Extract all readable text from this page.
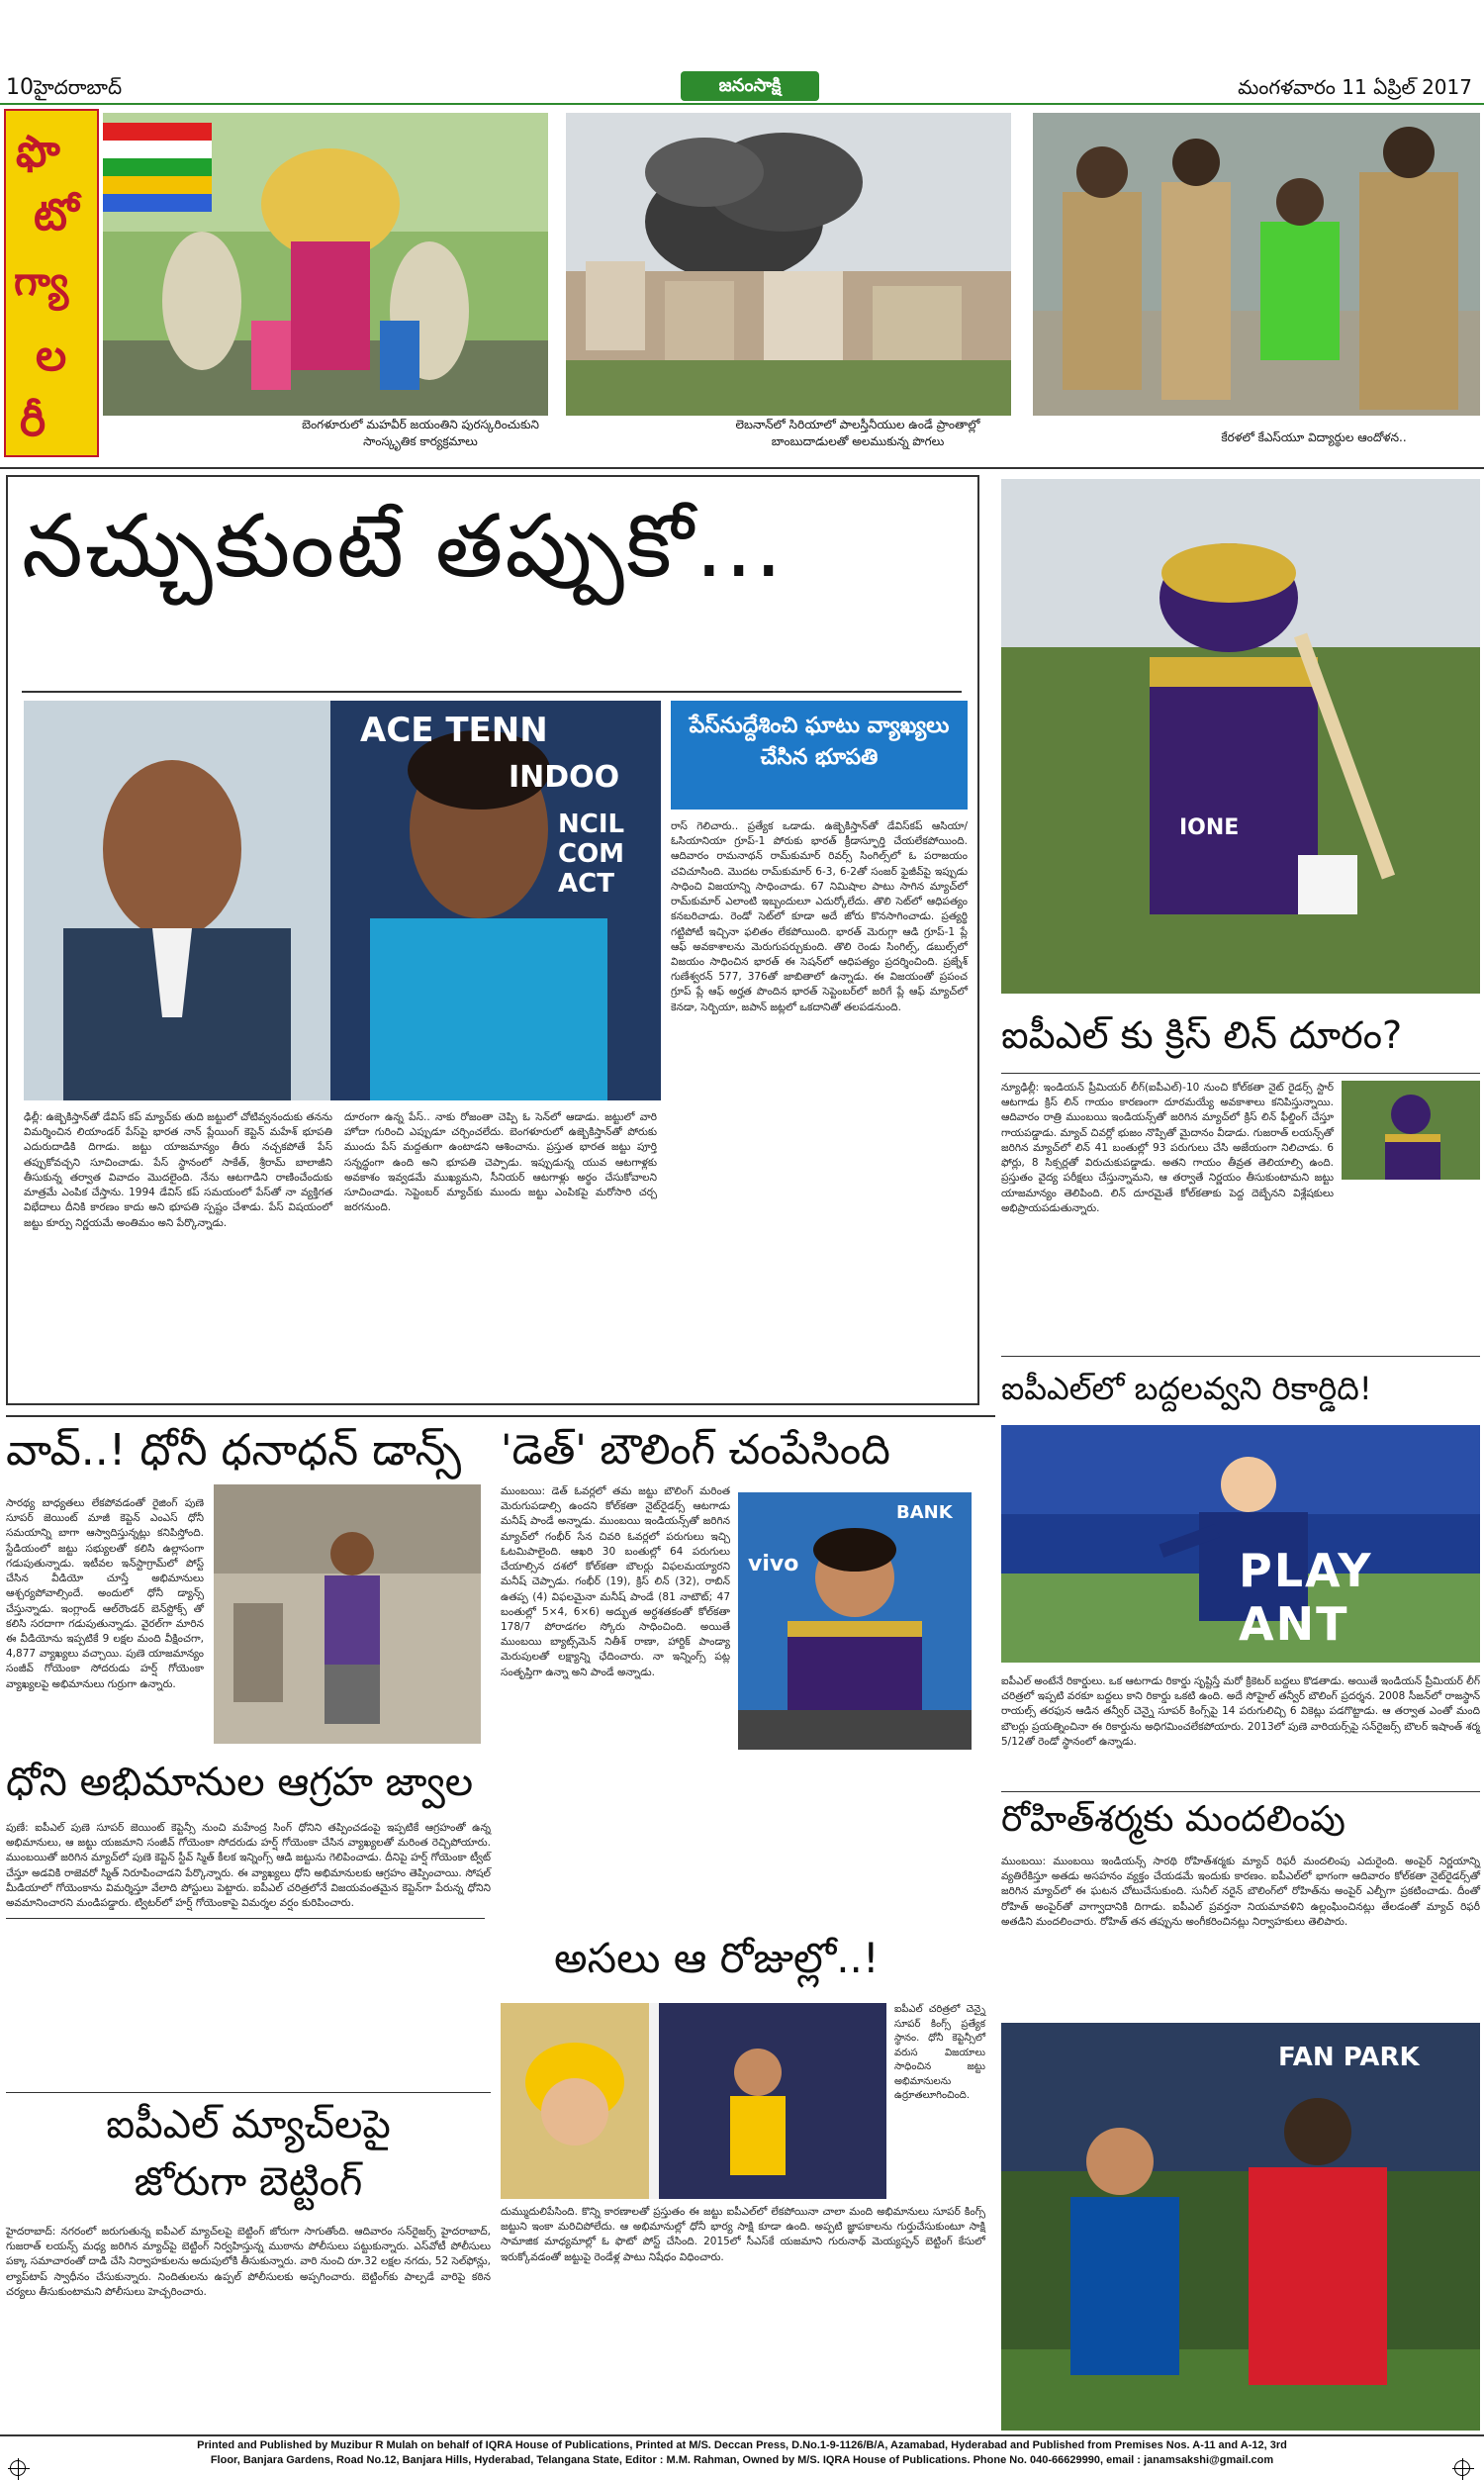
10 హైదరాబాద్	జనంసాక్షి	మంగళవారం 11 ఏప్రిల్ 2017
ఫొ
టో
గ్యా
ల
రీ	బెంగళూరులో మహవీర్ జయంతిని పురస్కరించుకుని సాంస్కృతిక కార్యక్రమాలు
లెబనాన్‌లో సిరియాలో పాలస్తీనీయుల ఉండే ప్రాంతాల్లో బాంబుదాడులతో అలముకున్న పొగలు	కేరళలో కేఎస్‌యూ విద్యార్థుల ఆందోళన..
నచ్చుకుంటే తప్పుకో...
ACE TENN
INDOO
NCIL COM
ACT
పేస్‌నుద్దేశించి ఘాటు వ్యాఖ్యలు చేసిన భూపతి
రాస్ గెలిచారు.. ప్రత్యేక ఒడాడు. ఉజ్బెకిస్తాన్‌తో డేవిస్‌కప్ ఆసియా/ఓసియానియా గ్రూప్-1 పోరుకు భారత్ క్రీడాస్ఫూర్తి చేయలేకపోయింది. ఆదివారం రామనాథన్ రామ్‌కుమార్ రివర్స్ సింగిల్స్‌లో ఓ పరాజయం చవిచూసింది. మొదట రామ్‌కుమార్ 6-3, 6-2తో సంజర్ ఫైజీవ్‌పై ఇప్పుడు సాధించి విజయాన్ని సాధించాడు. 67 నిమిషాల పాటు సాగిన మ్యాచ్‌లో రామ్‌కుమార్ ఎలాంటి ఇబ్బందులూ ఎదుర్కోలేదు. తొలి సెట్‌లో ఆధిపత్యం కనబరిచాడు. రెండో సెట్‌లో కూడా అదే జోరు కొనసాగించాడు. ప్రత్యర్థి గట్టిపోటీ ఇచ్చినా ఫలితం లేకపోయింది. భారత్ మెరుగ్గా ఆడి గ్రూప్-1 ప్లే ఆఫ్ అవకాశాలను మెరుగుపర్చుకుంది. తొలి రెండు సింగిల్స్, డబుల్స్‌లో విజయం సాధించిన భారత్ ఈ సెషన్‌లో ఆధిపత్యం ప్రదర్శించింది. ప్రజ్నేశ్ గుణేశ్వరన్ 577, 376తో జాబితాలో ఉన్నాడు. ఈ విజయంతో ప్రపంచ గ్రూప్ ప్లే ఆఫ్ అర్హత పొందిన భారత్ సెప్టెంబర్‌లో జరిగే ప్లే ఆఫ్ మ్యాచ్‌లో కెనడా, సెర్బియా, జపాన్ జట్లలో ఒకదానితో తలపడనుంది.
ఢిల్లీ: ఉజ్బెకిస్తాన్‌తో డేవిస్ కప్ మ్యాచ్‌కు తుది జట్టులో చోటివ్వనందుకు తనను విమర్శించిన లియాండర్ పేస్‌పై భారత నాన్ ప్లేయింగ్ కెప్టెన్ మహేశ్ భూపతి ఎదురుదాడికి దిగాడు. జట్టు యాజమాన్యం తీరు నచ్చకపోతే పేస్ తప్పుకోవచ్చని సూచించాడు. పేస్ స్థానంలో సాకేత్, శ్రీరామ్ బాలాజీని తీసుకున్న తర్వాత వివాదం మొదలైంది. నేను ఆటగాడిని రాణించేందుకు మాత్రమే ఎంపిక చేస్తాను. 1994 డేవిస్ కప్ సమయంలో పేస్‌తో నా వ్యక్తిగత విభేదాలు దీనికి కారణం కాదు అని భూపతి స్పష్టం చేశాడు. పేస్ విషయంలో జట్టు కూర్పు నిర్ణయమే అంతిమం అని పేర్కొన్నాడు.
దూరంగా ఉన్న పేస్.. నాకు రోజంతా చెప్పి ఓ సెన్‌లో ఆడాడు. జట్టులో వారి హోదా గురించి ఎప్పుడూ చర్చించలేదు. బెంగళూరులో ఉజ్బెకిస్తాన్‌తో పోరుకు ముందు పేస్ మద్దతుగా ఉంటాడని ఆశించాను. ప్రస్తుత భారత జట్టు పూర్తి సన్నద్ధంగా ఉంది అని భూపతి చెప్పాడు. ఇప్పుడున్న యువ ఆటగాళ్లకు అవకాశం ఇవ్వడమే ముఖ్యమని, సీనియర్ ఆటగాళ్లు అర్థం చేసుకోవాలని సూచించాడు. సెప్టెంబర్ మ్యాచ్‌కు ముందు జట్టు ఎంపికపై మరోసారి చర్చ జరగనుంది.
IONE
ఐపీఎల్ కు క్రిస్ లిన్ దూరం?
న్యూఢిల్లీ: ఇండియన్ ప్రీమియర్ లీగ్(ఐపీఎల్)-10 నుంచి కోల్‌కతా నైట్ రైడర్స్ స్టార్ ఆటగాడు క్రిస్ లిన్ గాయం కారణంగా దూరమయ్యే అవకాశాలు కనిపిస్తున్నాయి. ఆదివారం రాత్రి ముంబయి ఇండియన్స్‌తో జరిగిన మ్యాచ్‌లో క్రిస్ లిన్ ఫీల్డింగ్ చేస్తూ గాయపడ్డాడు. మ్యాచ్ చివర్లో భుజం నొప్పితో మైదానం వీడాడు. గుజరాత్ లయన్స్‌తో జరిగిన మ్యాచ్‌లో లిన్ 41 బంతుల్లో 93 పరుగులు చేసి అజేయంగా నిలిచాడు. 6 ఫోర్లు, 8 సిక్సర్లతో విరుచుకుపడ్డాడు. అతని గాయం తీవ్రత తెలియాల్సి ఉంది. ప్రస్తుతం వైద్య పరీక్షలు చేస్తున్నామని, ఆ తర్వాతే నిర్ణయం తీసుకుంటామని జట్టు యాజమాన్యం తెలిపింది. లిన్ దూరమైతే కోల్‌కతాకు పెద్ద దెబ్బేనని విశ్లేషకులు అభిప్రాయపడుతున్నారు.
ఐపీఎల్‌లో బద్దలవ్వని రికార్డిది!
PLAY ANT
ఐపీఎల్ అంటేనే రికార్డులు. ఒక ఆటగాడు రికార్డు సృష్టిస్తే మరో క్రికెటర్ బద్దలు కొడతాడు. అయితే ఇండియన్ ప్రీమియర్ లీగ్ చరిత్రలో ఇప్పటి వరకూ బద్దలు కాని రికార్డు ఒకటి ఉంది. అదే సోహైల్ తన్వీర్ బౌలింగ్ ప్రదర్శన. 2008 సీజన్‌లో రాజస్థాన్ రాయల్స్ తరఫున ఆడిన తన్వీర్ చెన్నై సూపర్ కింగ్స్‌పై 14 పరుగులిచ్చి 6 వికెట్లు పడగొట్టాడు. ఆ తర్వాత ఎంతో మంది బౌలర్లు ప్రయత్నించినా ఈ రికార్డును అధిగమించలేకపోయారు. 2013లో పుణె వారియర్స్‌పై సన్‌రైజర్స్ బౌలర్ ఇషాంత్ శర్మ 5/12తో రెండో స్థానంలో ఉన్నాడు.
వావ్..! ధోనీ ధనాధన్ డాన్స్
సారథ్య బాధ్యతలు లేకపోవడంతో రైజింగ్ పుణె సూపర్ జెయింట్ మాజీ కెప్టెన్ ఎంఎస్ ధోనీ సమయాన్ని బాగా ఆస్వాదిస్తున్నట్లు కనిపిస్తోంది. స్టేడియంలో జట్టు సభ్యులతో కలిసి ఉల్లాసంగా గడుపుతున్నాడు. ఇటీవల ఇన్‌స్టాగ్రామ్‌లో పోస్ట్ చేసిన వీడియో చూస్తే అభిమానులు ఆశ్చర్యపోవాల్సిందే. అందులో ధోనీ డ్యాన్స్ చేస్తున్నాడు. ఇంగ్లాండ్ ఆల్‌రౌండర్ బెన్‌స్టోక్స్ తో కలిసి సరదాగా గడుపుతున్నాడు. వైరల్‌గా మారిన ఈ వీడియోను ఇప్పటికే 9 లక్షల మంది వీక్షించగా, 4,877 వ్యాఖ్యలు వచ్చాయి. పుణె యాజమాన్యం సంజీవ్ గోయెంకా సోదరుడు హర్ష్ గోయెంకా వ్యాఖ్యలపై అభిమానులు గుర్రుగా ఉన్నారు.
'డెత్' బౌలింగ్ చంపేసింది
ముంబయి: డెత్ ఓవర్లలో తమ జట్టు బౌలింగ్ మరింత మెరుగుపడాల్సి ఉందని కోల్‌కతా నైట్‌రైడర్స్ ఆటగాడు మనీష్ పాండే అన్నాడు. ముంబయి ఇండియన్స్‌తో జరిగిన మ్యాచ్‌లో గంభీర్ సేన చివరి ఓవర్లలో పరుగులు ఇచ్చి ఓటమిపాలైంది. ఆఖరి 30 బంతుల్లో 64 పరుగులు చేయాల్సిన దశలో కోల్‌కతా బౌలర్లు విఫలమయ్యారని మనీష్ చెప్పాడు. గంభీర్ (19), క్రిస్ లిన్ (32), రాబిన్ ఉతప్ప (4) విఫలమైనా మనీష్ పాండే (81 నాటౌట్; 47 బంతుల్లో 5×4, 6×6) అద్భుత అర్ధశతకంతో కోల్‌కతా 178/7 పోరాడగల స్కోరు సాధించింది. అయితే ముంబయి బ్యాట్స్‌మెన్ నితీశ్ రాణా, హార్దిక్ పాండ్యా మెరుపులతో లక్ష్యాన్ని ఛేదించారు. నా ఇన్నింగ్స్ పట్ల సంతృప్తిగా ఉన్నా అని పాండే అన్నాడు.
BANK
vivo
రోహిత్‌శర్మకు మందలింపు
ముంబయి: ముంబయి ఇండియన్స్ సారథి రోహిత్‌శర్మకు మ్యాచ్ రిఫరీ మందలింపు ఎదురైంది. అంపైర్ నిర్ణయాన్ని వ్యతిరేకిస్తూ అతడు అసహనం వ్యక్తం చేయడమే ఇందుకు కారణం. ఐపీఎల్‌లో భాగంగా ఆదివారం కోల్‌కతా నైట్‌రైడర్స్‌తో జరిగిన మ్యాచ్‌లో ఈ ఘటన చోటుచేసుకుంది. సునీల్ నరైన్ బౌలింగ్‌లో రోహిత్‌ను అంపైర్ ఎల్బీగా ప్రకటించాడు. దీంతో రోహిత్ అంపైర్‌తో వాగ్వాదానికి దిగాడు. ఐపీఎల్ ప్రవర్తనా నియమావళిని ఉల్లంఘించినట్లు తేలడంతో మ్యాచ్ రిఫరీ అతడిని మందలించారు. రోహిత్ తన తప్పును అంగీకరించినట్లు నిర్వాహకులు తెలిపారు.
FAN PARK
ధోని అభిమానుల ఆగ్రహ జ్వాల
అసలు ఆ రోజుల్లో..!
ఐపీఎల్ చరిత్రలో చెన్నై సూపర్ కింగ్స్ ప్రత్యేక స్థానం. ధోనీ కెప్టెన్సీలో వరుస విజయాలు సాధించిన జట్టు అభిమానులను ఉర్రూతలూగించింది.
దుమ్ముదులిపేసింది. కొన్ని కారణాలతో ప్రస్తుతం ఈ జట్టు ఐపీఎల్‌లో లేకపోయినా చాలా మంది అభిమానులు సూపర్ కింగ్స్ జట్టుని ఇంకా మరిచిపోలేదు. ఆ అభిమానుల్లో ధోనీ భార్య సాక్షి కూడా ఉంది. అప్పటి జ్ఞాపకాలను గుర్తుచేసుకుంటూ సాక్షి సామాజిక మాధ్యమాల్లో ఓ ఫొటో పోస్ట్ చేసింది. 2015లో సీఎస్‌కే యజమాని గురునాథ్ మెయ్యప్పన్ బెట్టింగ్ కేసులో ఇరుక్కోవడంతో జట్టుపై రెండేళ్ల పాటు నిషేధం విధించారు.
పుణే: ఐపీఎల్ పుణె సూపర్ జెయింట్ కెప్టెన్సీ నుంచి మహేంద్ర సింగ్ ధోనిని తప్పించడంపై ఇప్పటికే ఆగ్రహంతో ఉన్న అభిమానులు, ఆ జట్టు యజమాని సంజీవ్ గోయెంకా సోదరుడు హర్ష్ గోయెంకా చేసిన వ్యాఖ్యలతో మరింత రెచ్చిపోయారు. ముంబయితో జరిగిన మ్యాచ్‌లో పుణె కెప్టెన్ స్టీవ్ స్మిత్ కీలక ఇన్నింగ్స్ ఆడి జట్టును గెలిపించాడు. దీనిపై హర్ష్ గోయెంకా ట్వీట్ చేస్తూ అడవికి రాజెవరో స్మిత్ నిరూపించాడని పేర్కొన్నారు. ఈ వ్యాఖ్యలు ధోని అభిమానులకు ఆగ్రహం తెప్పించాయి. సోషల్ మీడియాలో గోయెంకాను విమర్శిస్తూ వేలాది పోస్టులు పెట్టారు. ఐపీఎల్ చరిత్రలోనే విజయవంతమైన కెప్టెన్‌గా పేరున్న ధోనిని అవమానించారని మండిపడ్డారు. ట్విటర్‌లో హర్ష్ గోయెంకాపై విమర్శల వర్షం కురిపించారు.
ఐపీఎల్ మ్యాచ్‌లపై
జోరుగా బెట్టింగ్
హైదరాబాద్: నగరంలో జరుగుతున్న ఐపీఎల్ మ్యాచ్‌లపై బెట్టింగ్‌ జోరుగా సాగుతోంది. ఆదివారం సన్‌రైజర్స్ హైదరాబాద్, గుజరాత్ లయన్స్ మధ్య జరిగిన మ్యాచ్‌పై బెట్టింగ్ నిర్వహిస్తున్న ముఠాను పోలీసులు పట్టుకున్నారు. ఎస్‌వోటీ పోలీసులు పక్కా సమాచారంతో దాడి చేసి నిర్వాహకులను అదుపులోకి తీసుకున్నారు. వారి నుంచి రూ.32 లక్షల నగదు, 52 సెల్‌ఫోన్లు, ల్యాప్‌టాప్ స్వాధీనం చేసుకున్నారు. నిందితులను ఉప్పల్ పోలీసులకు అప్పగించారు. బెట్టింగ్‌కు పాల్పడే వారిపై కఠిన చర్యలు తీసుకుంటామని పోలీసులు హెచ్చరించారు.
Printed and Published by Muzibur R Mulah on behalf of IQRA House of Publications, Printed at M/S. Deccan Press, D.No.1-9-1126/B/A, Azamabad, Hyderabad and Published from Premises Nos. A-11 and A-12, 3rd
Floor, Banjara Gardens, Road No.12, Banjara Hills, Hyderabad, Telangana State, Editor : M.M. Rahman, Owned by M/S. IQRA House of Publications. Phone No. 040-66629990, email : janamsakshi@gmail.com
